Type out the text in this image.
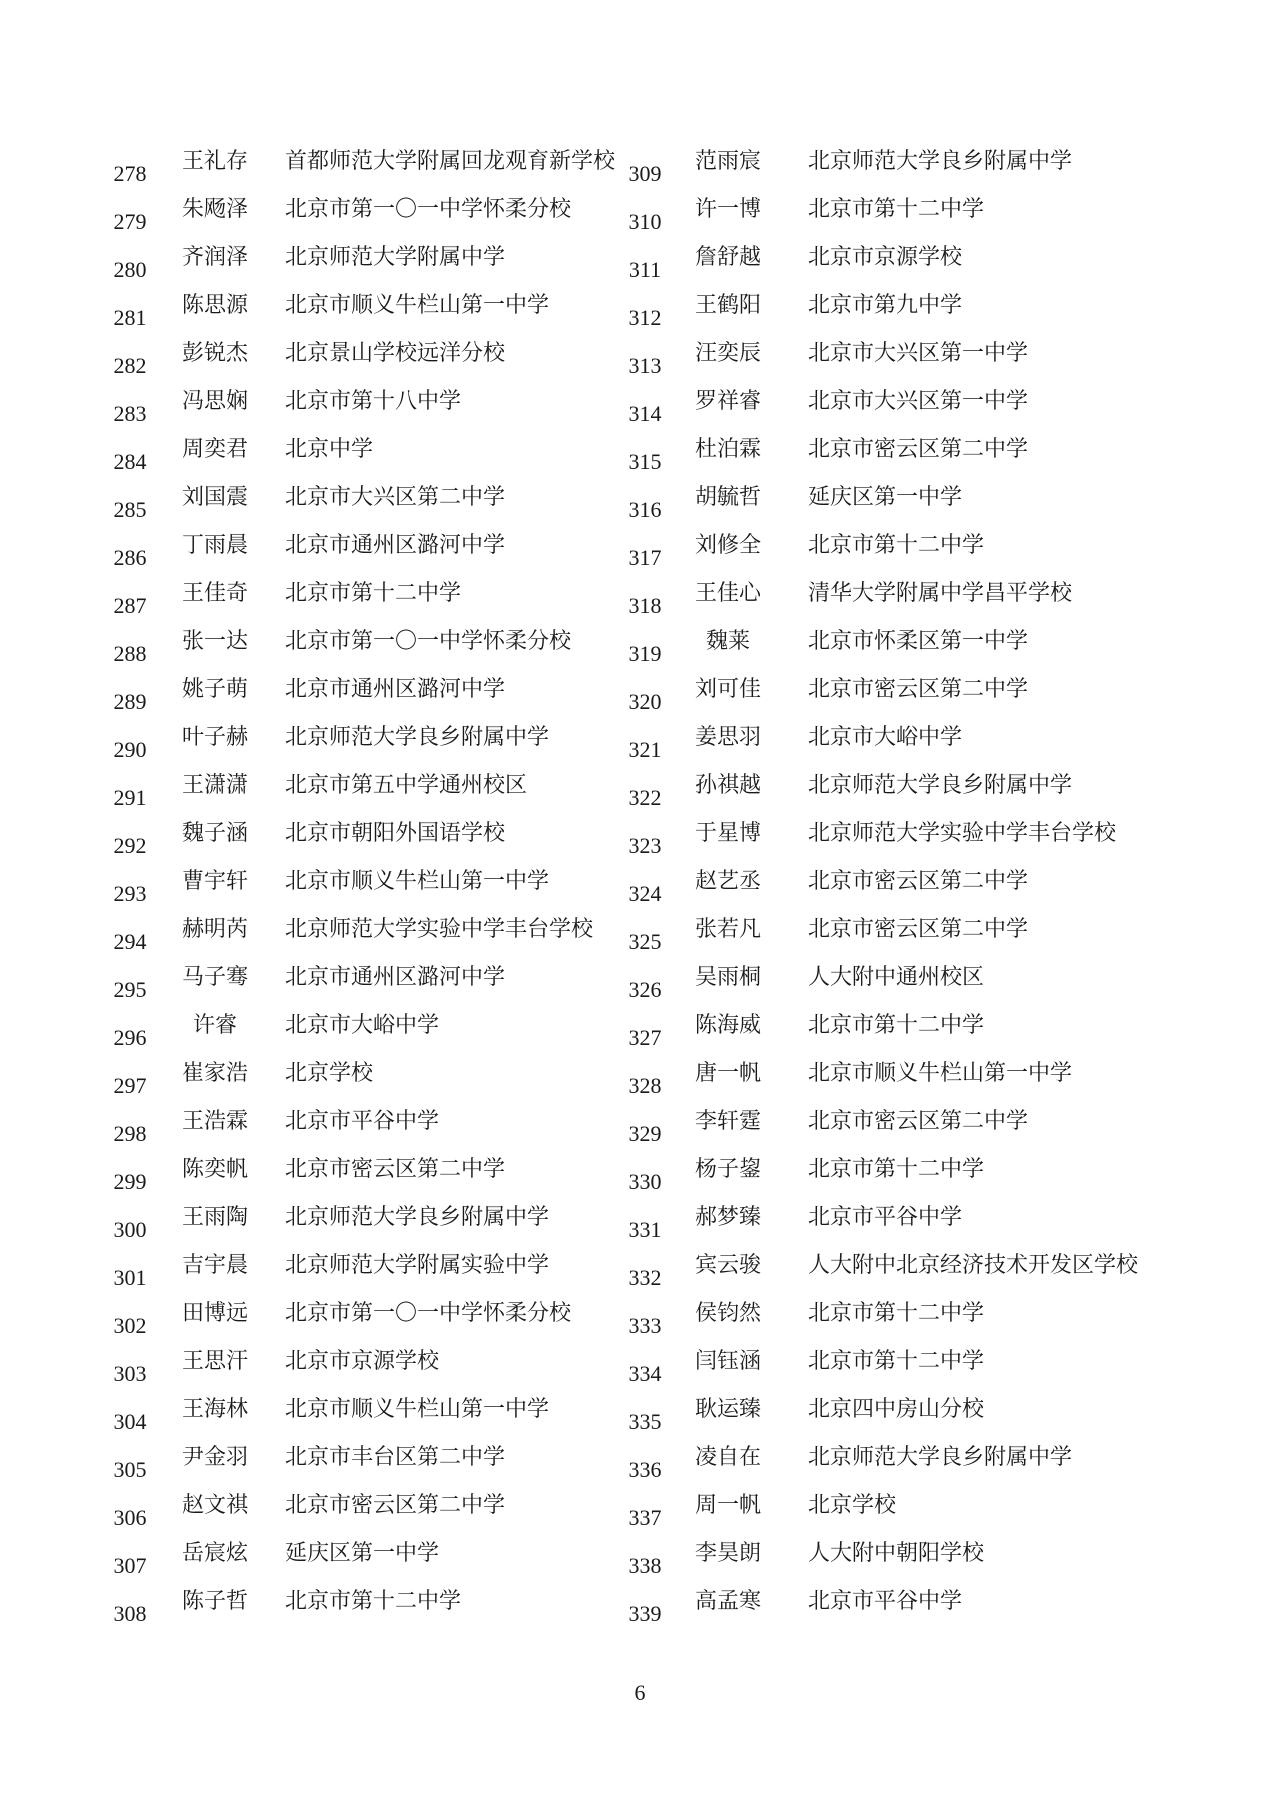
278	王礼存	首都师范大学附属回龙观育新学校
279	朱飏泽	北京市第一〇一中学怀柔分校
280	齐润泽	北京师范大学附属中学
281	陈思源	北京市顺义牛栏山第一中学
282	彭锐杰	北京景山学校远洋分校
283	冯思娴	北京市第十八中学
284	周奕君	北京中学
285	刘国震	北京市大兴区第二中学
286	丁雨晨	北京市通州区潞河中学
287	王佳奇	北京市第十二中学
288	张一达	北京市第一〇一中学怀柔分校
289	姚子萌	北京市通州区潞河中学
290	叶子赫	北京师范大学良乡附属中学
291	王潇潇	北京市第五中学通州校区
292	魏子涵	北京市朝阳外国语学校
293	曹宇轩	北京市顺义牛栏山第一中学
294	赫明芮	北京师范大学实验中学丰台学校
295	马子骞	北京市通州区潞河中学
296	许睿	北京市大峪中学
297	崔家浩	北京学校
298	王浩霖	北京市平谷中学
299	陈奕帆	北京市密云区第二中学
300	王雨陶	北京师范大学良乡附属中学
301	吉宇晨	北京师范大学附属实验中学
302	田博远	北京市第一〇一中学怀柔分校
303	王思汗	北京市京源学校
304	王海林	北京市顺义牛栏山第一中学
305	尹金羽	北京市丰台区第二中学
306	赵文祺	北京市密云区第二中学
307	岳宸炫	延庆区第一中学
308	陈子哲	北京市第十二中学
309	范雨宸	北京师范大学良乡附属中学
310	许一博	北京市第十二中学
311	詹舒越	北京市京源学校
312	王鹤阳	北京市第九中学
313	汪奕辰	北京市大兴区第一中学
314	罗祥睿	北京市大兴区第一中学
315	杜泊霖	北京市密云区第二中学
316	胡毓哲	延庆区第一中学
317	刘修全	北京市第十二中学
318	王佳心	清华大学附属中学昌平学校
319	魏莱	北京市怀柔区第一中学
320	刘可佳	北京市密云区第二中学
321	姜思羽	北京市大峪中学
322	孙祺越	北京师范大学良乡附属中学
323	于星博	北京师范大学实验中学丰台学校
324	赵艺丞	北京市密云区第二中学
325	张若凡	北京市密云区第二中学
326	吴雨桐	人大附中通州校区
327	陈海威	北京市第十二中学
328	唐一帆	北京市顺义牛栏山第一中学
329	李轩霆	北京市密云区第二中学
330	杨子鋆	北京市第十二中学
331	郝梦臻	北京市平谷中学
332	宾云骏	人大附中北京经济技术开发区学校
333	侯钧然	北京市第十二中学
334	闫钰涵	北京市第十二中学
335	耿运臻	北京四中房山分校
336	凌自在	北京师范大学良乡附属中学
337	周一帆	北京学校
338	李昊朗	人大附中朝阳学校
339	高孟寒	北京市平谷中学
6
